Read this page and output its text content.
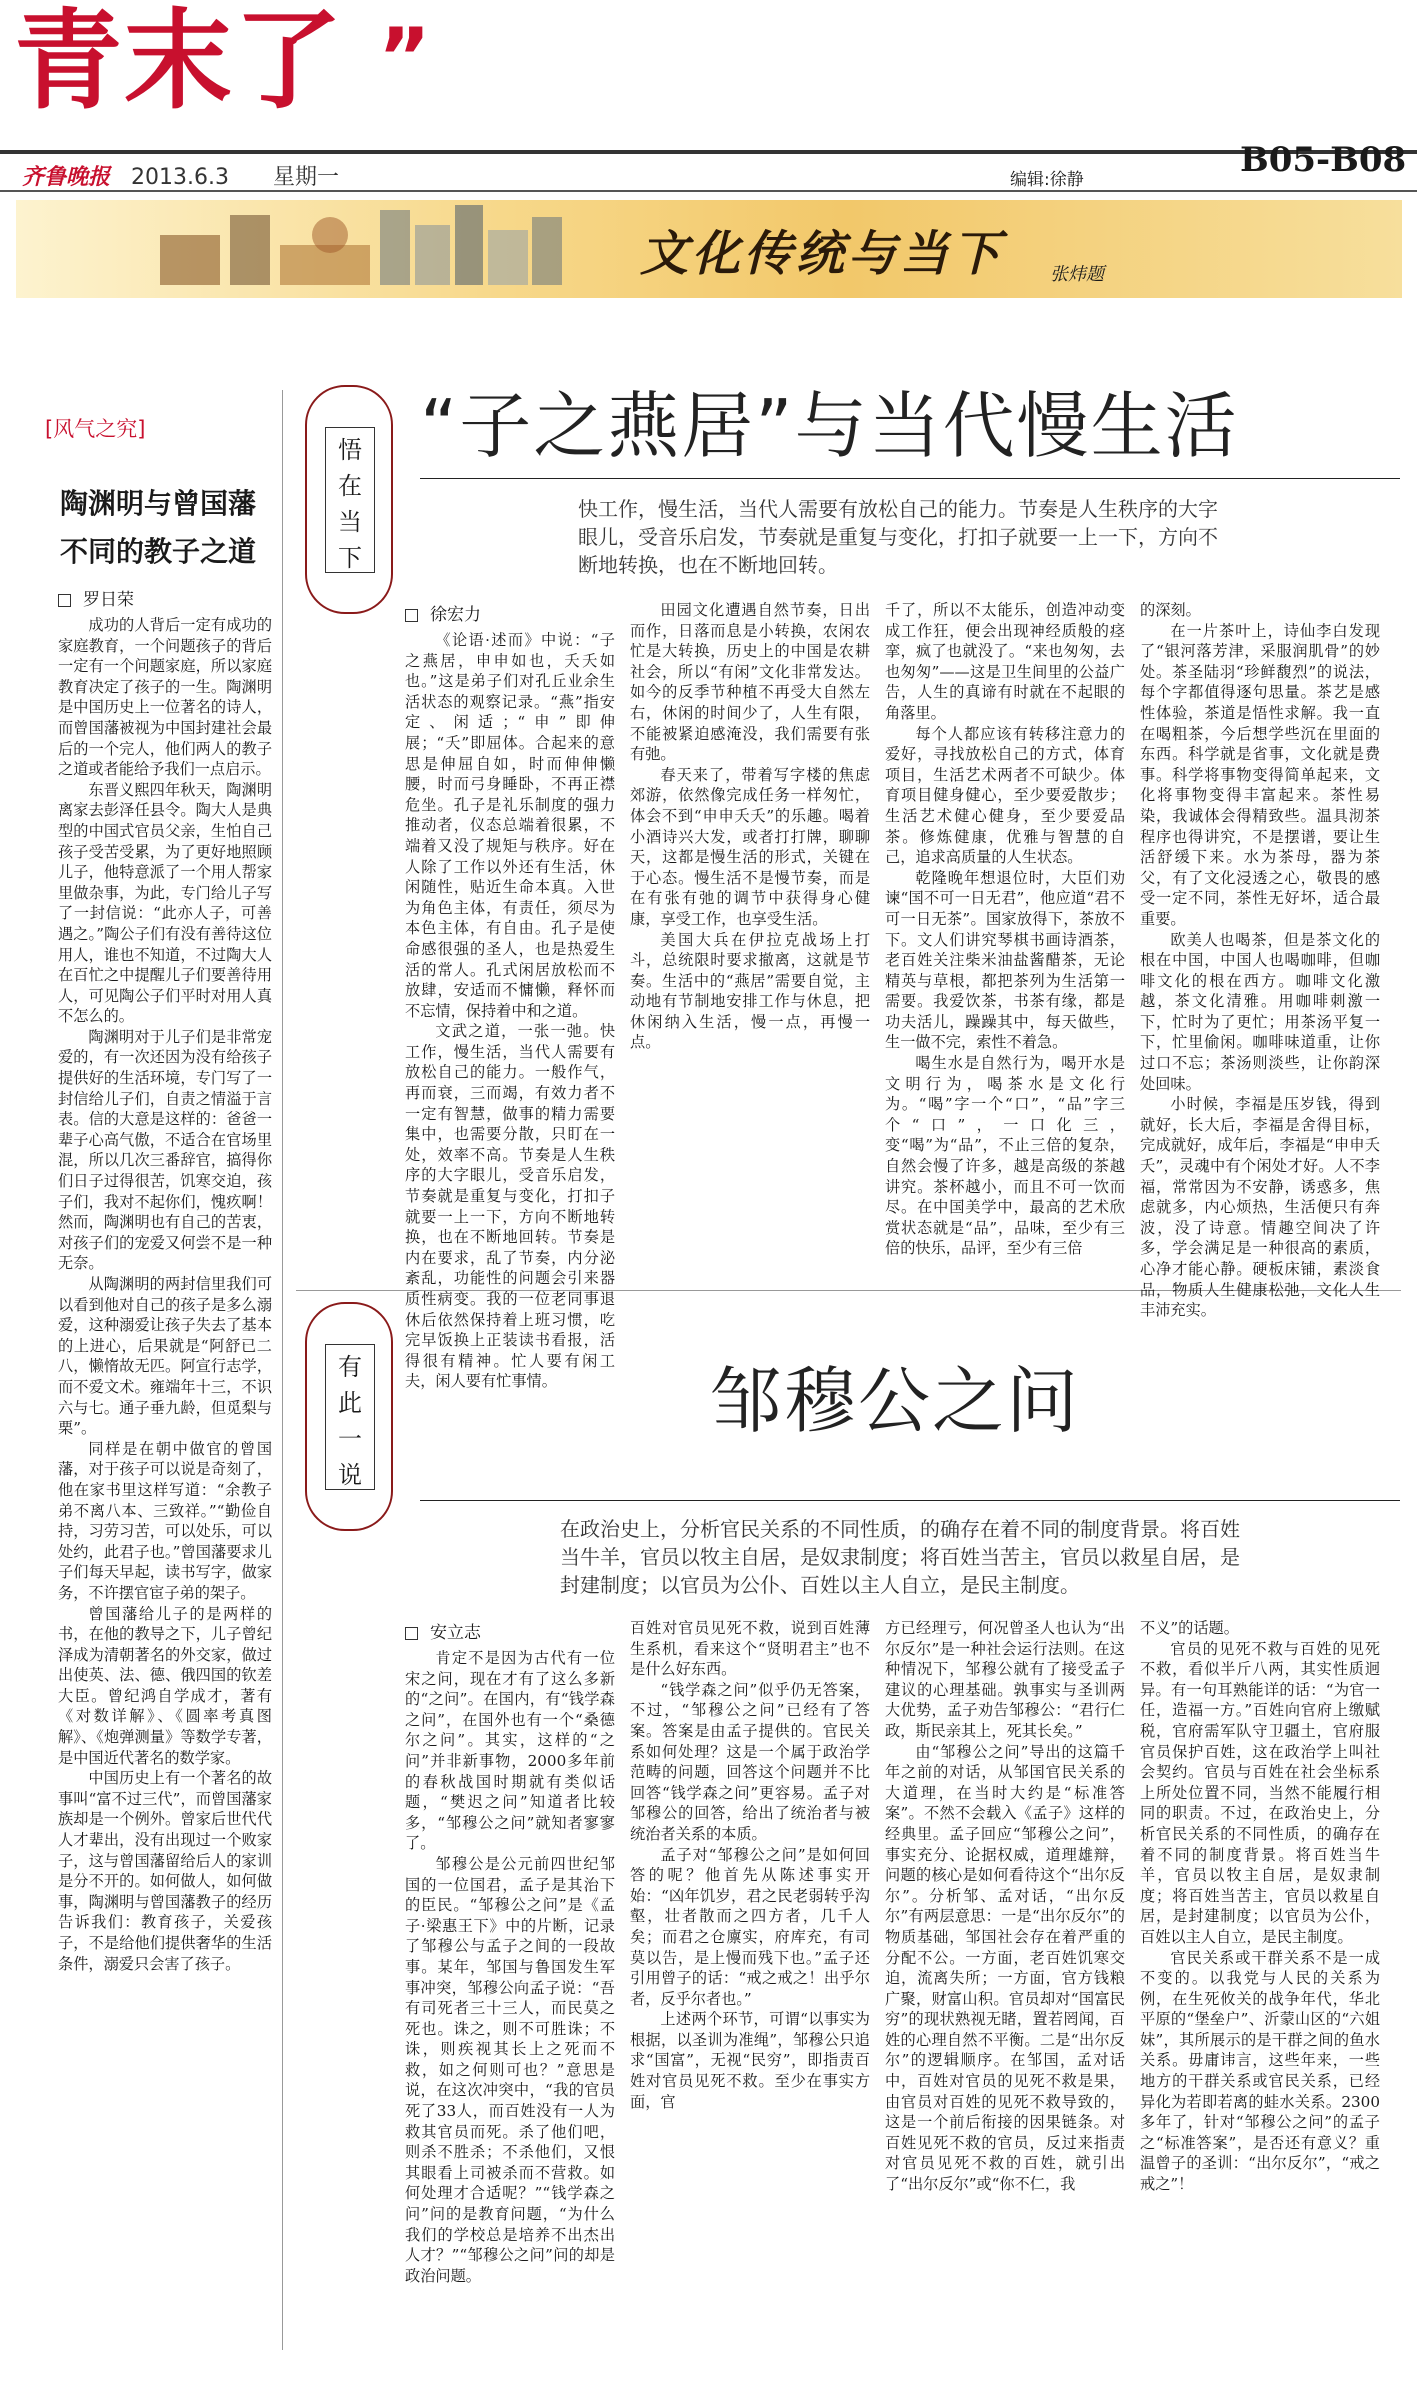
青末了 ”
齐鲁晚报 2013.6.3 星期一	编辑:徐静	B05-B08
文化传统与当下	张炜题
[风气之究]
陶渊明与曾国藩不同的教子之道
罗日荣

成功的人背后一定有成功的家庭教育，一个问题孩子的背后一定有一个问题家庭，所以家庭教育决定了孩子的一生。陶渊明是中国历史上一位著名的诗人，而曾国藩被视为中国封建社会最后的一个完人，他们两人的教子之道或者能给予我们一点启示。

东晋义熙四年秋天，陶渊明离家去彭泽任县令。陶大人是典型的中国式官员父亲，生怕自己孩子受苦受累，为了更好地照顾儿子，他特意派了一个用人帮家里做杂事，为此，专门给儿子写了一封信说：“此亦人子，可善遇之。”陶公子们有没有善待这位用人，谁也不知道，不过陶大人在百忙之中提醒儿子们要善待用人，可见陶公子们平时对用人真不怎么的。

陶渊明对于儿子们是非常宠爱的，有一次还因为没有给孩子提供好的生活环境，专门写了一封信给儿子们，自责之情溢于言表。信的大意是这样的：爸爸一辈子心高气傲，不适合在官场里混，所以几次三番辞官，搞得你们日子过得很苦，饥寒交迫，孩子们，我对不起你们，愧疚啊！然而，陶渊明也有自己的苦衷，对孩子们的宠爱又何尝不是一种无奈。

从陶渊明的两封信里我们可以看到他对自己的孩子是多么溺爱，这种溺爱让孩子失去了基本的上进心，后果就是“阿舒已二八，懒惰故无匹。阿宣行志学，而不爱文术。雍端年十三，不识六与七。通子垂九龄，但觅梨与栗”。

同样是在朝中做官的曾国藩，对于孩子可以说是奇刻了，他在家书里这样写道：“余教子弟不离八本、三致祥。”“勤俭自持，习劳习苦，可以处乐，可以处约，此君子也。”曾国藩要求儿子们每天早起，读书写字，做家务，不许摆官宦子弟的架子。

曾国藩给儿子的是两样的书，在他的教导之下，儿子曾纪泽成为清朝著名的外交家，做过出使英、法、德、俄四国的钦差大臣。曾纪鸿自学成才，著有《对数详解》、《圆率考真图解》、《炮弹测量》等数学专著，是中国近代著名的数学家。

中国历史上有一个著名的故事叫“富不过三代”，而曾国藩家族却是一个例外。曾家后世代代人才辈出，没有出现过一个败家子，这与曾国藩留给后人的家训是分不开的。如何做人，如何做事，陶渊明与曾国藩教子的经历告诉我们：教育孩子，关爱孩子，不是给他们提供奢华的生活条件，溺爱只会害了孩子。

悟在当下
“子之燕居”与当代慢生活
快工作，慢生活，当代人需要有放松自己的能力。节奏是人生秩序的大字眼儿，受音乐启发，节奏就是重复与变化，打扣子就要一上一下，方向不断地转换，也在不断地回转。
徐宏力

《论语·述而》中说：“子之燕居，申申如也，夭夭如也。”这是弟子们对孔丘业余生活状态的观察记录。“燕”指安定、闲适；“申”即伸展；“夭”即屈体。合起来的意思是伸屈自如，时而伸伸懒腰，时而弓身睡卧，不再正襟危坐。孔子是礼乐制度的强力推动者，仪态总端着很累，不端着又没了规矩与秩序。好在人除了工作以外还有生活，休闲随性，贴近生命本真。入世为角色主体，有责任，须尽为本色主体，有自由。孔子是使命感很强的圣人，也是热爱生活的常人。孔式闲居放松而不放肆，安适而不慵懒，释怀而不忘情，保持着中和之道。

文武之道，一张一弛。快工作，慢生活，当代人需要有放松自己的能力。一般作气，再而衰，三而竭，有效力者不一定有智慧，做事的精力需要集中，也需要分散，只盯在一处，效率不高。节奏是人生秩序的大字眼儿，受音乐启发，节奏就是重复与变化，打扣子就要一上一下，方向不断地转换，也在不断地回转。节奏是内在要求，乱了节奏，内分泌紊乱，功能性的问题会引来器质性病变。我的一位老同事退休后依然保持着上班习惯，吃完早饭换上正装读书看报，活得很有精神。忙人要有闲工夫，闲人要有忙事情。

田园文化遭遇自然节奏，日出而作，日落而息是小转换，农闲农忙是大转换，历史上的中国是农耕社会，所以“有闲”文化非常发达。如今的反季节种植不再受大自然左右，休闲的时间少了，人生有限，不能被紧迫感淹没，我们需要有张有弛。

春天来了，带着写字楼的焦虑郊游，依然像完成任务一样匆忙，体会不到“申申夭夭”的乐趣。喝着小酒诗兴大发，或者打打牌，聊聊天，这都是慢生活的形式，关键在于心态。慢生活不是慢节奏，而是在有张有弛的调节中获得身心健康，享受工作，也享受生活。

美国大兵在伊拉克战场上打斗，总统限时要求撤离，这就是节奏。生活中的“燕居”需要自觉，主动地有节制地安排工作与休息，把休闲纳入生活，慢一点，再慢一点。

千了，所以不太能乐，创造冲动变成工作狂，便会出现神经质般的痉挛，疯了也就没了。“来也匆匆，去也匆匆”——这是卫生间里的公益广告，人生的真谛有时就在不起眼的角落里。

每个人都应该有转移注意力的爱好，寻找放松自己的方式，体育项目，生活艺术两者不可缺少。体育项目健身健心，至少要爱散步；生活艺术健心健身，至少要爱品茶。修炼健康，优雅与智慧的自己，追求高质量的人生状态。

乾隆晚年想退位时，大臣们劝谏“国不可一日无君”，他应道“君不可一日无茶”。国家放得下，茶放不下。文人们讲究琴棋书画诗酒茶，老百姓关注柴米油盐酱醋茶，无论精英与草根，都把茶列为生活第一需要。我爱饮茶，书茶有缘，都是功夫活儿，躁躁其中，每天做些，生一做不完，索性不着急。

喝生水是自然行为，喝开水是文明行为，喝茶水是文化行为。“喝”字一个“口”，“品”字三个“口”，一口化三，变“喝”为“品”，不止三倍的复杂，自然会慢了许多，越是高级的茶越讲究。茶杯越小，而且不可一饮而尽。在中国美学中，最高的艺术欣赏状态就是“品”，品味，至少有三倍的快乐，品评，至少有三倍

的深刻。

在一片茶叶上，诗仙李白发现了“银河落芳津，采服润肌骨”的妙处。茶圣陆羽“珍鲜馥烈”的说法，每个字都值得逐句思量。茶艺是感性体验，茶道是悟性求解。我一直在喝粗茶，今后想学些沉在里面的东西。科学就是省事，文化就是费事。科学将事物变得简单起来，文化将事物变得丰富起来。茶性易染，我诚体会得精致些。温具沏茶程序也得讲究，不是摆谱，要让生活舒缓下来。水为茶母，器为茶父，有了文化浸透之心，敬畏的感受一定不同，茶性无好坏，适合最重要。

欧美人也喝茶，但是茶文化的根在中国，中国人也喝咖啡，但咖啡文化的根在西方。咖啡文化激越，茶文化清雅。用咖啡刺激一下，忙时为了更忙；用茶汤平复一下，忙里偷闲。咖啡味道重，让你过口不忘；茶汤则淡些，让你韵深处回味。

小时候，李福是压岁钱，得到就好，长大后，李福是舍得目标，完成就好，成年后，李福是“申申夭夭”，灵魂中有个闲处才好。人不李福，常常因为不安静，诱惑多，焦虑就多，内心烦热，生活便只有奔波，没了诗意。情趣空间决了许多，学会满足是一种很高的素质，心净才能心静。硬板床铺，素淡食品，物质人生健康松弛，文化人生丰沛充实。

有此一说
邹穆公之问
在政治史上，分析官民关系的不同性质，的确存在着不同的制度背景。将百姓当牛羊，官员以牧主自居，是奴隶制度；将百姓当苦主，官员以救星自居，是封建制度；以官员为公仆、百姓以主人自立，是民主制度。
安立志

肯定不是因为古代有一位宋之问，现在才有了这么多新的“之问”。在国内，有“钱学森之问”，在国外也有一个“桑德尔之问”。其实，这样的“之问”并非新事物，2000多年前的春秋战国时期就有类似话题，“樊迟之问”知道者比较多，“邹穆公之问”就知者寥寥了。

邹穆公是公元前四世纪邹国的一位国君，孟子是其治下的臣民。“邹穆公之问”是《孟子·梁惠王下》中的片断，记录了邹穆公与孟子之间的一段故事。某年，邹国与鲁国发生军事冲突，邹穆公向孟子说：“吾有司死者三十三人，而民莫之死也。诛之，则不可胜诛；不诛，则疾视其长上之死而不救，如之何则可也？”意思是说，在这次冲突中，“我的官员死了33人，而百姓没有一人为救其官员而死。杀了他们吧，则杀不胜杀；不杀他们，又恨其眼看上司被杀而不营救。如何处理才合适呢？”“钱学森之问”问的是教育问题，“为什么我们的学校总是培养不出杰出人才？”“邹穆公之问”问的却是政治问题。

百姓对官员见死不救，说到百姓薄生系机，看来这个“贤明君主”也不是什么好东西。

“钱学森之问”似乎仍无答案，不过，“邹穆公之问”已经有了答案。答案是由孟子提供的。官民关系如何处理？这是一个属于政治学范畴的问题，回答这个问题并不比回答“钱学森之问”更容易。孟子对邹穆公的回答，给出了统治者与被统治者关系的本质。

孟子对“邹穆公之问”是如何回答的呢？他首先从陈述事实开始：“凶年饥岁，君之民老弱转乎沟壑，壮者散而之四方者，几千人矣；而君之仓廪实，府库充，有司莫以告，是上慢而残下也。”孟子还引用曾子的话：“戒之戒之！出乎尔者，反乎尔者也。”

上述两个环节，可谓“以事实为根据，以圣训为准绳”，邹穆公只追求“国富”，无视“民穷”，即指责百姓对官员见死不救。至少在事实方面，官

方已经理亏，何况曾圣人也认为“出尔反尔”是一种社会运行法则。在这种情况下，邹穆公就有了接受孟子建议的心理基础。孰事实与圣训两大优势，孟子劝告邹穆公：“君行仁政，斯民亲其上，死其长矣。”

由“邹穆公之问”导出的这篇千年之前的对话，从邹国官民关系的大道理，在当时大约是“标准答案”。不然不会载入《孟子》这样的经典里。孟子回应“邹穆公之问”，事实充分、论据权威，道理雄辩，问题的核心是如何看待这个“出尔反尔”。分析邹、孟对话，“出尔反尔”有两层意思：一是“出尔反尔”的物质基础，邹国社会存在着严重的分配不公。一方面，老百姓饥寒交迫，流离失所；一方面，官方钱粮广聚，财富山积。官员却对“国富民穷”的现状熟视无睹，置若罔闻，百姓的心理自然不平衡。二是“出尔反尔”的逻辑顺序。在邹国，孟对话中，百姓对官员的见死不救是果，由官员对百姓的见死不救导致的，这是一个前后衔接的因果链条。对百姓见死不救的官员，反过来指责对官员见死不救的百姓，就引出了“出尔反尔”或“你不仁，我

不义”的话题。

官员的见死不救与百姓的见死不救，看似半斤八两，其实性质迥异。有一句耳熟能详的话：“为官一任，造福一方。”百姓向官府上缴赋税，官府需军队守卫疆土，官府服官员保护百姓，这在政治学上叫社会契约。官员与百姓在社会坐标系上所处位置不同，当然不能履行相同的职责。不过，在政治史上，分析官民关系的不同性质，的确存在着不同的制度背景。将百姓当牛羊，官员以牧主自居，是奴隶制度；将百姓当苦主，官员以救星自居，是封建制度；以官员为公仆，百姓以主人自立，是民主制度。

官民关系或干群关系不是一成不变的。以我党与人民的关系为例，在生死攸关的战争年代，华北平原的“堡垒户”、沂蒙山区的“六姐妹”，其所展示的是干群之间的鱼水关系。毋庸讳言，这些年来，一些地方的干群关系或官民关系，已经异化为若即若离的蛙水关系。2300多年了，针对“邹穆公之问”的孟子之“标准答案”，是否还有意义？重温曾子的圣训：“出尔反尔”，“戒之戒之”！
